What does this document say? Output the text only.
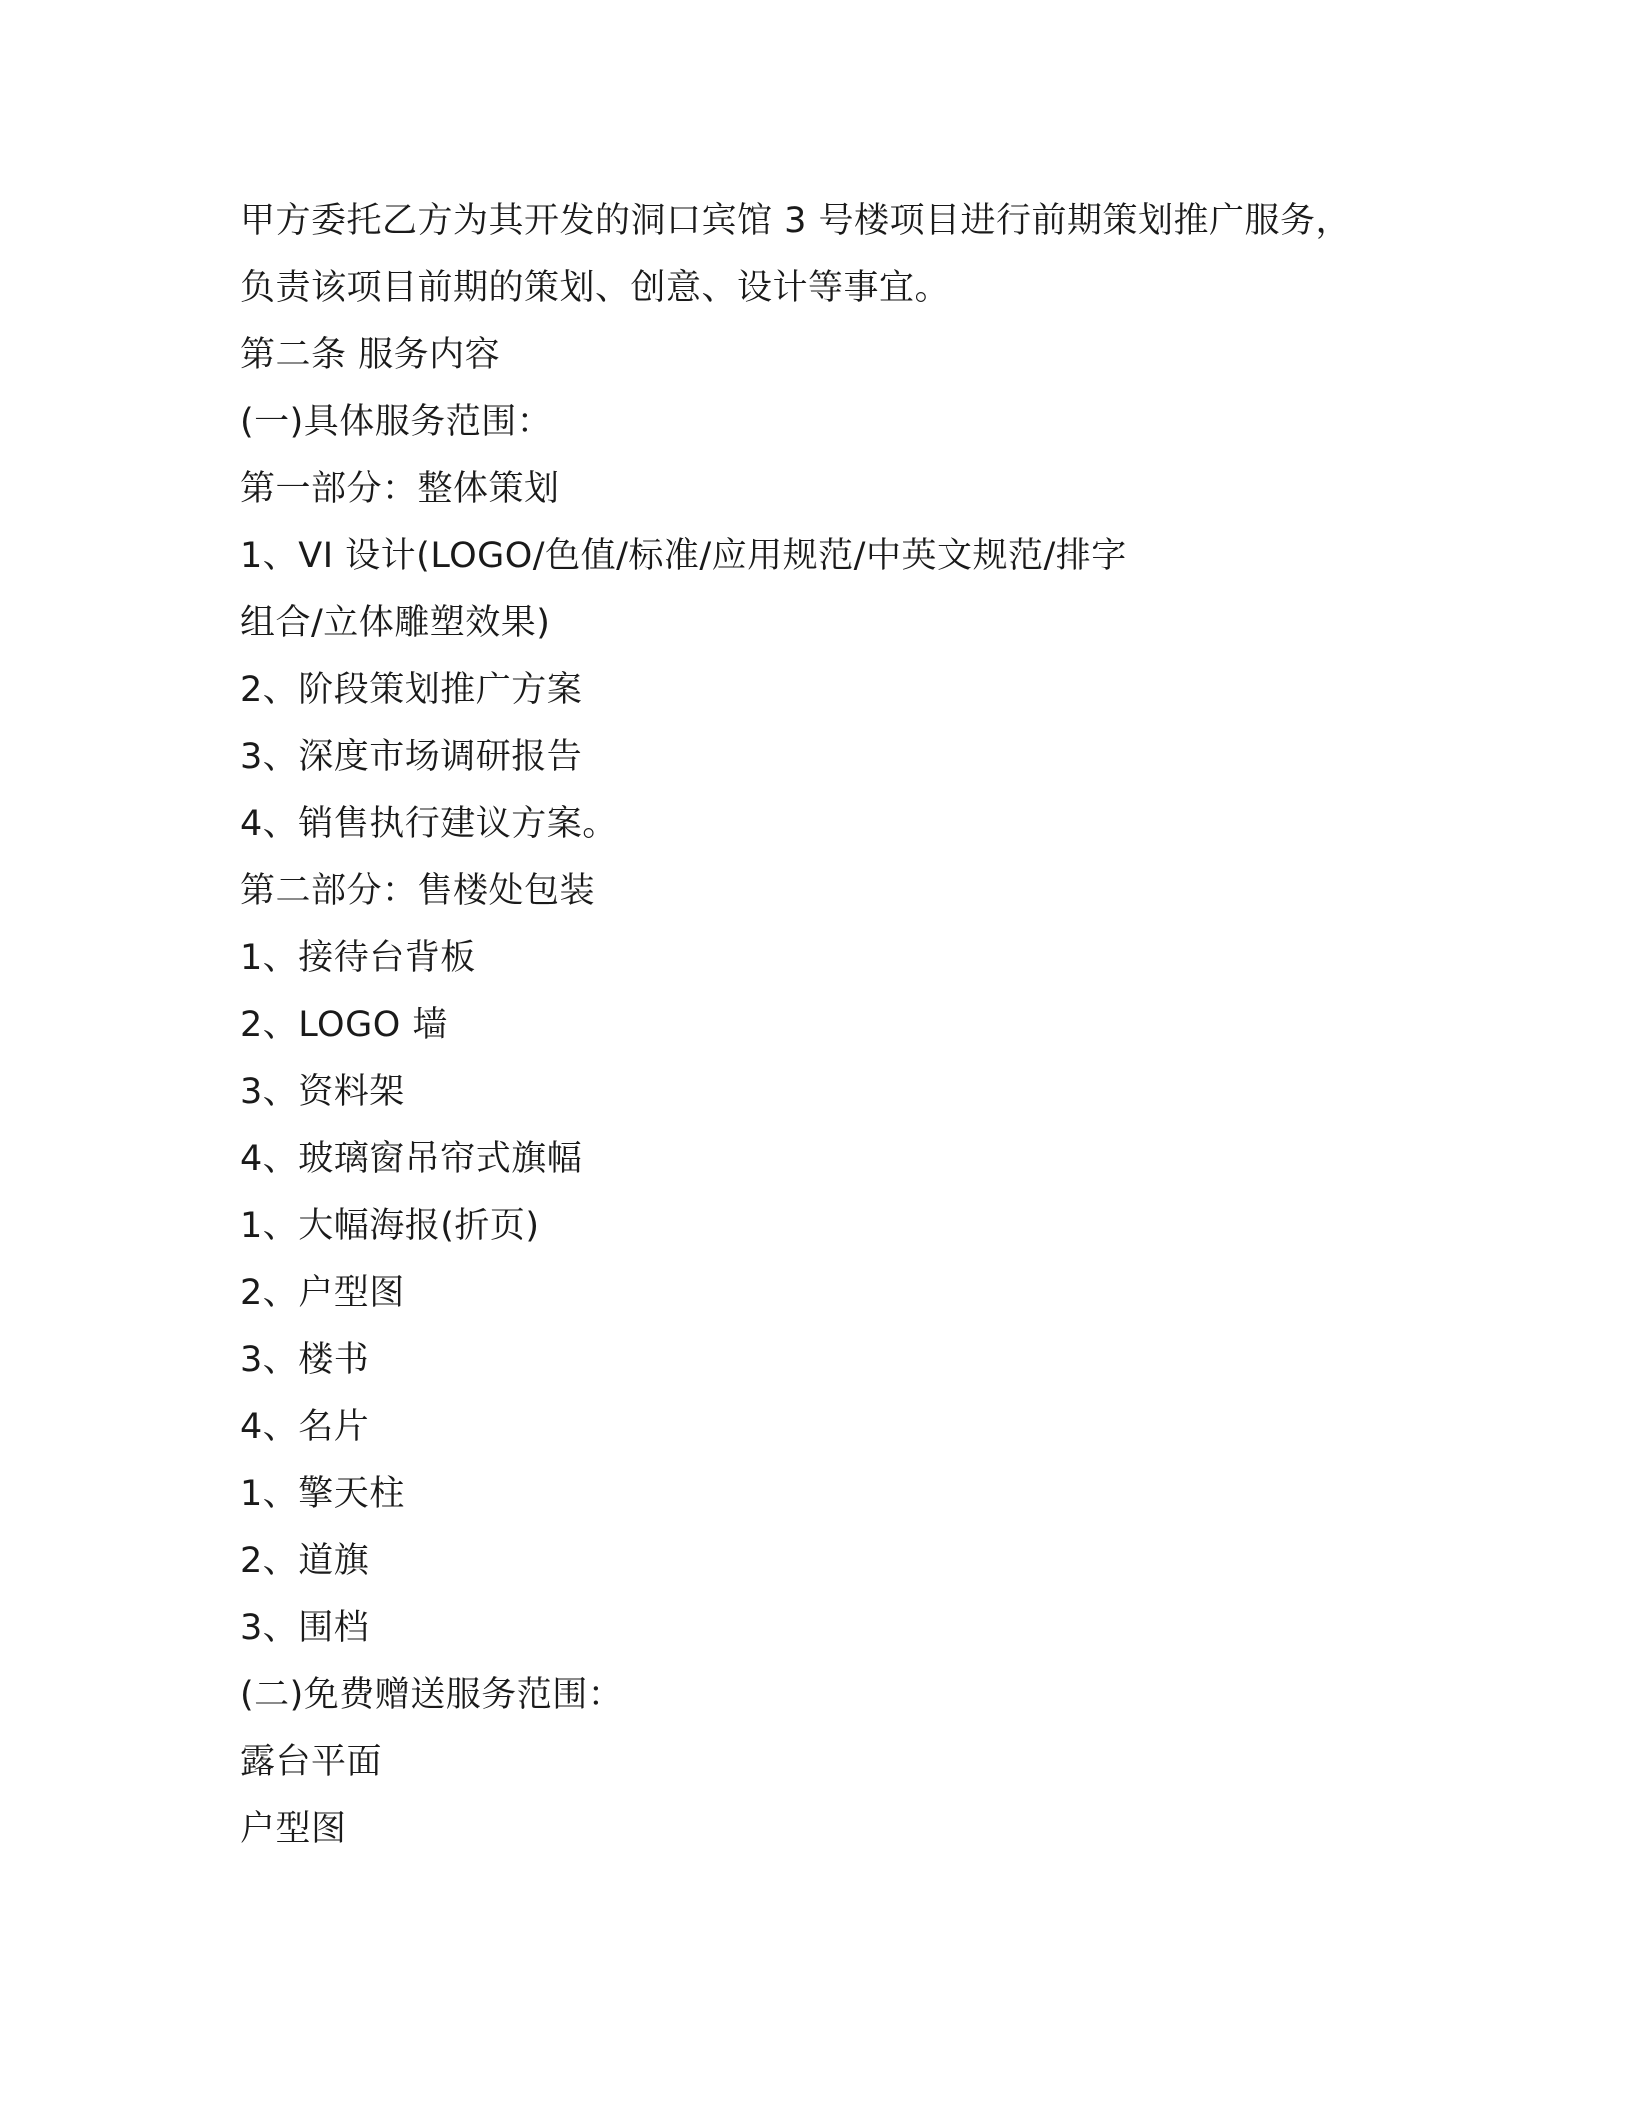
甲方委托乙方为其开发的洞口宾馆 3 号楼项目进行前期策划推广服务，
负责该项目前期的策划、创意、设计等事宜。
第二条 服务内容
(一)具体服务范围：
第一部分：整体策划
1、VI 设计(LOGO/色值/标准/应用规范/中英文规范/排字
组合/立体雕塑效果)
2、阶段策划推广方案
3、深度市场调研报告
4、销售执行建议方案。
第二部分：售楼处包装
1、接待台背板
2、LOGO 墙
3、资料架
4、玻璃窗吊帘式旗幅
1、大幅海报(折页)
2、户型图
3、楼书
4、名片
1、擎天柱
2、道旗
3、围档
(二)免费赠送服务范围：
露台平面
户型图
